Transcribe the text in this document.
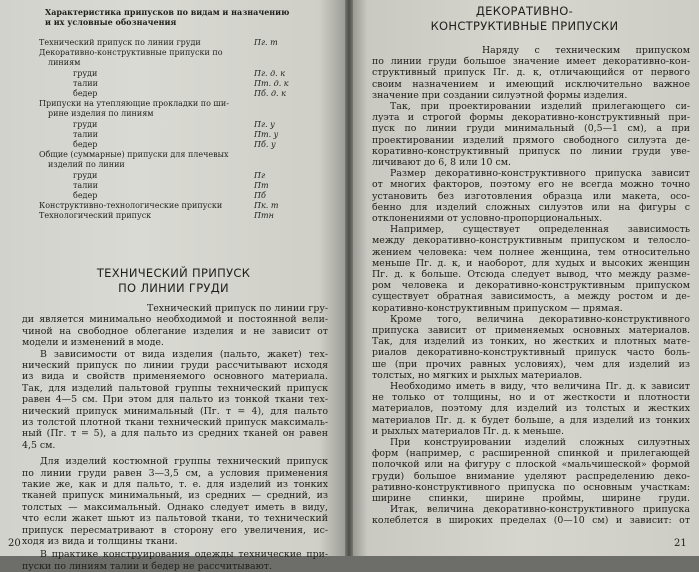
Характеристика припусков по видам и назначению
и их условные обозначения
Технический припуск по линии груди	Пг. т
Декоративно-конструктивные припуски по
линиям
груди	Пг. д. к
талии	Пт. д. к
бедер	Пб. д. к
Припуски на утепляющие прокладки по ши-
рине изделия по линиям
груди	Пг. у
талии	Пт. у
бедер	Пб. у
Общие (суммарные) припуски для плечевых
изделий по линии
груди	Пг
талии	Пт
бедер	Пб
Конструктивно-технологические припуски	Пк. т
Технологический припуск	Птн
ТЕХНИЧЕСКИЙ ПРИПУСК
ПО ЛИНИИ ГРУДИ
Технический припуск по линии гру-
ди является минимально необходимой и постоянной вели-
чиной на свободное облегание изделия и не зависит от
модели и изменений в моде.
В зависимости от вида изделия (пальто, жакет) тех-
нический припуск по линии груди рассчитывают исходя
из вида и свойств применяемого основного материала.
Так, для изделий пальтовой группы технический припуск
равен 4—5 см. При этом для пальто из тонкой ткани тех-
нический припуск минимальный (Пг. т = 4), для пальто
из толстой плотной ткани технический припуск максималь-
ный (Пг. т = 5), а для пальто из средних тканей он равен
4,5 см.
Для изделий костюмной группы технический припуск
по линии груди равен 3—3,5 см, а условия применения
такие же, как и для пальто, т. е. для изделий из тонких
тканей припуск минимальный, из средних — средний, из
толстых — максимальный. Однако следует иметь в виду,
что если жакет шьют из пальтовой ткани, то технический
припуск пересматривают в сторону его увеличения, ис-
ходя из вида и толщины ткани.
В практике конструирования одежды технические при-
пуски по линиям талии и бедер не рассчитывают.
20
ДЕКОРАТИВНО-
КОНСТРУКТИВНЫЕ ПРИПУСКИ
Наряду с техническим припуском
по линии груди большое значение имеет декоративно-кон-
структивный припуск Пг. д. к, отличающийся от первого
своим назначением и имеющий исключительно важное
значение при создании силуэтной формы изделия.
Так, при проектировании изделий прилегающего си-
луэта и строгой формы декоративно-конструктивный при-
пуск по линии груди минимальный (0,5—1 см), а при
проектировании изделий прямого свободного силуэта де-
коративно-конструктивный припуск по линии груди уве-
личивают до 6, 8 или 10 см.
Размер декоративно-конструктивного припуска зависит
от многих факторов, поэтому его не всегда можно точно
установить без изготовления образца или макета, осо-
бенно для изделий сложных силуэтов или на фигуры с
отклонениями от условно-пропорциональных.
Например, существует определенная зависимость
между декоративно-конструктивным припуском и телосло-
жением человека: чем полнее женщина, тем относительно
меньше Пг. д. к, и наоборот, для худых и высоких женщин
Пг. д. к больше. Отсюда следует вывод, что между разме-
ром человека и декоративно-конструктивным припуском
существует обратная зависимость, а между ростом и де-
коративно-конструктивным припуском — прямая.
Кроме того, величина декоративно-конструктивного
припуска зависит от применяемых основных материалов.
Так, для изделий из тонких, но жестких и плотных мате-
риалов декоративно-конструктивный припуск часто боль-
ше (при прочих равных условиях), чем для изделий из
толстых, но мягких и рыхлых материалов.
Необходимо иметь в виду, что величина Пг. д. к зависит
не только от толщины, но и от жесткости и плотности
материалов, поэтому для изделий из толстых и жестких
материалов Пг. д. к будет больше, а для изделий из тонких
и рыхлых материалов Пг. д. к меньше.
При конструировании изделий сложных силуэтных
форм (например, с расширенной спинкой и прилегающей
полочкой или на фигуру с плоской «мальчишеской» формой
груди) большое внимание уделяют распределению деко-
ративно-конструктивного припуска по основным участкам:
ширине спинки, ширине проймы, ширине груди.
Итак, величина декоративно-конструктивного припуска
колеблется в широких пределах (0—10 см) и зависит: от
21
